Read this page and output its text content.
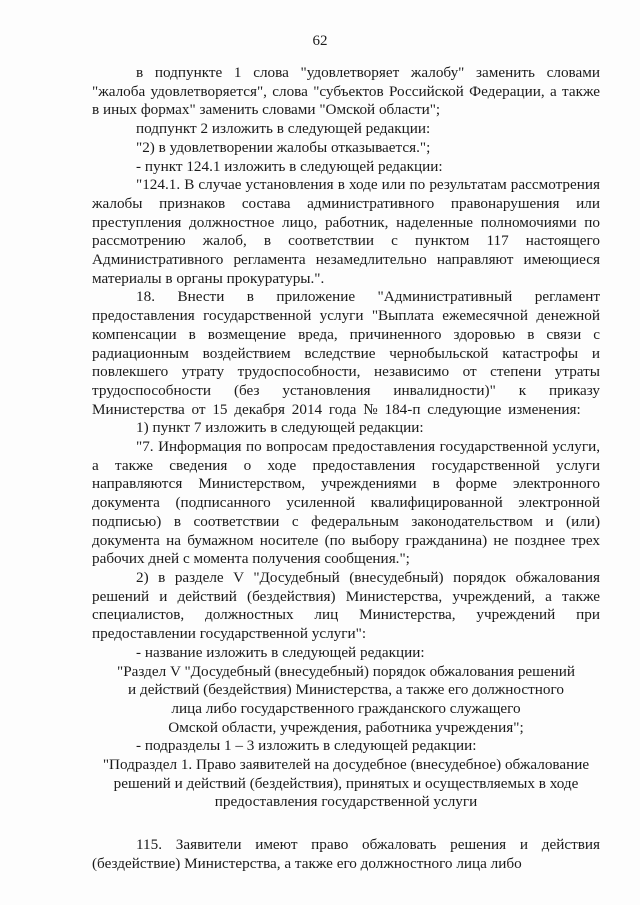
62

в подпункте 1 слова "удовлетворяет жалобу" заменить словами "жалоба удовлетворяется", слова "субъектов Российской Федерации, а также в иных формах" заменить словами "Омской области";

подпункт 2 изложить в следующей редакции:

"2) в удовлетворении жалобы отказывается.";

- пункт 124.1 изложить в следующей редакции:

"124.1. В случае установления в ходе или по результатам рассмотрения жалобы признаков состава административного правонарушения или преступления должностное лицо, работник, наделенные полномочиями по рассмотрению жалоб, в соответствии с пунктом 117 настоящего Административного регламента незамедлительно направляют имеющиеся материалы в органы прокуратуры.".

18. Внести в приложение "Административный регламент предоставления государственной услуги "Выплата ежемесячной денежной компенсации в возмещение вреда, причиненного здоровью в связи с радиационным воздействием вследствие чернобыльской катастрофы и повлекшего утрату трудоспособности, независимо от степени утраты трудоспособности (без установления инвалидности)" к приказу Министерства от 15 декабря 2014 года № 184-п следующие изменения:

1) пункт 7 изложить в следующей редакции:

"7. Информация по вопросам предоставления государственной услуги, а также сведения о ходе предоставления государственной услуги направляются Министерством, учреждениями в форме электронного документа (подписанного усиленной квалифицированной электронной подписью) в соответствии с федеральным законодательством и (или) документа на бумажном носителе (по выбору гражданина) не позднее трех рабочих дней с момента получения сообщения.";

2) в разделе V "Досудебный (внесудебный) порядок обжалования решений и действий (бездействия) Министерства, учреждений, а также специалистов, должностных лиц Министерства, учреждений при предоставлении государственной услуги":

- название изложить в следующей редакции:

"Раздел V "Досудебный (внесудебный) порядок обжалования решений

и действий (бездействия) Министерства, а также его должностного

лица либо государственного гражданского служащего

Омской области, учреждения, работника учреждения";

- подразделы 1 – 3 изложить в следующей редакции:

"Подраздел 1. Право заявителей на досудебное (внесудебное) обжалование

решений и действий (бездействия), принятых и осуществляемых в ходе

предоставления государственной услуги

115. Заявители имеют право обжаловать решения и действия (бездействие) Министерства, а также его должностного лица либо
